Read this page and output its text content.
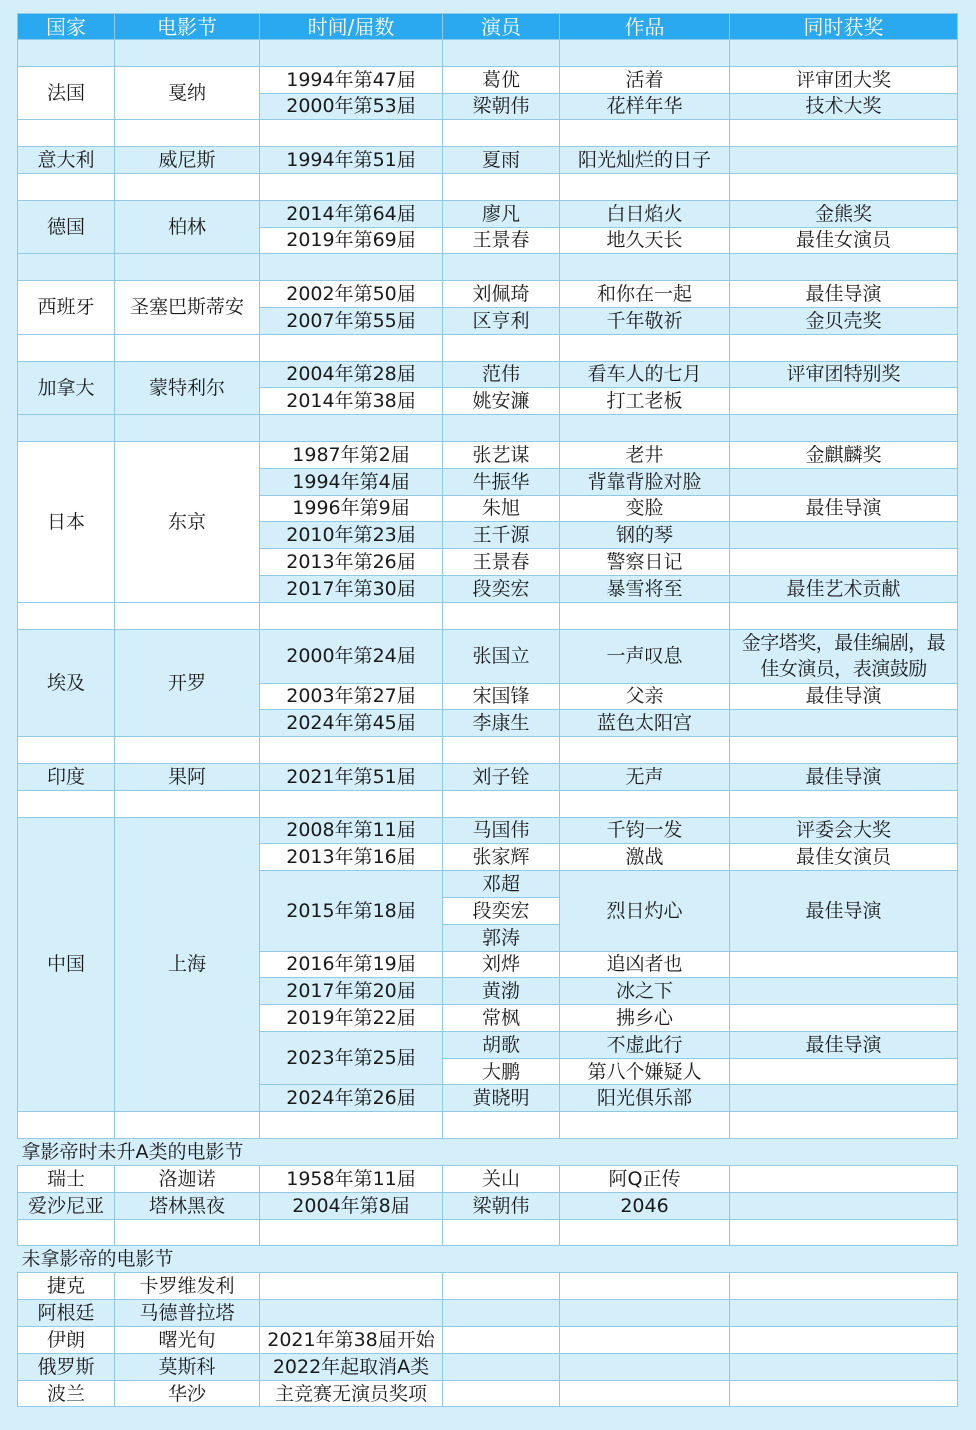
国家	电影节	时间/届数	演员	作品	同时获奖

法国	戛纳	1994年第47届	葛优	活着	评审团大奖
		2000年第53届	梁朝伟	花样年华	技术大奖

意大利	威尼斯	1994年第51届	夏雨	阳光灿烂的日子	

德国	柏林	2014年第64届	廖凡	白日焰火	金熊奖
		2019年第69届	王景春	地久天长	最佳女演员

西班牙	圣塞巴斯蒂安	2002年第50届	刘佩琦	和你在一起	最佳导演
		2007年第55届	区亨利	千年敬祈	金贝壳奖

加拿大	蒙特利尔	2004年第28届	范伟	看车人的七月	评审团特别奖
		2014年第38届	姚安濂	打工老板	

日本	东京	1987年第2届	张艺谋	老井	金麒麟奖
		1994年第4届	牛振华	背靠背脸对脸	
		1996年第9届	朱旭	变脸	最佳导演
		2010年第23届	王千源	钢的琴	
		2013年第26届	王景春	警察日记	
		2017年第30届	段奕宏	暴雪将至	最佳艺术贡献

埃及	开罗	2000年第24届	张国立	一声叹息	金字塔奖，最佳编剧，最佳女演员，表演鼓励
		2003年第27届	宋国锋	父亲	最佳导演
		2024年第45届	李康生	蓝色太阳宫	

印度	果阿	2021年第51届	刘子铨	无声	最佳导演

中国	上海	2008年第11届	马国伟	千钧一发	评委会大奖
		2013年第16届	张家辉	激战	最佳女演员
		2015年第18届	邓超	烈日灼心	最佳导演
			段奕宏		
			郭涛		
		2016年第19届	刘烨	追凶者也	
		2017年第20届	黄渤	冰之下	
		2019年第22届	常枫	拂乡心	
		2023年第25届	胡歌	不虚此行	最佳导演
			大鹏	第八个嫌疑人	
		2024年第26届	黄晓明	阳光俱乐部	

拿影帝时未升A类的电影节					
瑞士	洛迦诺	1958年第11届	关山	阿Q正传	
爱沙尼亚	塔林黑夜	2004年第8届	梁朝伟	2046	

未拿影帝的电影节					
捷克	卡罗维发利				
阿根廷	马德普拉塔				
伊朗	曙光旬	2021年第38届开始			
俄罗斯	莫斯科	2022年起取消A类			
波兰	华沙	主竞赛无演员奖项			
